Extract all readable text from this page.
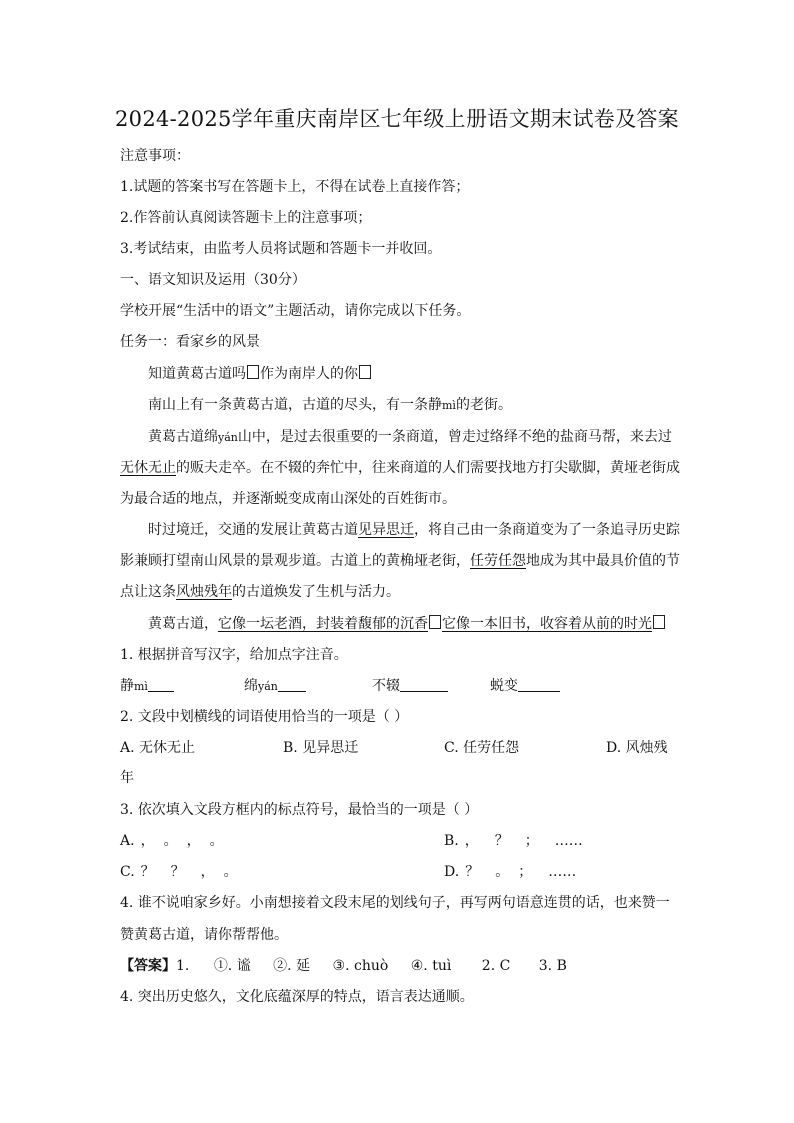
2024-2025学年重庆南岸区七年级上册语文期末试卷及答案
注意事项：
1.试题的答案书写在答题卡上，不得在试卷上直接作答；
2.作答前认真阅读答题卡上的注意事项；
3.考试结束，由监考人员将试题和答题卡一并收回。
一、语文知识及运用（30分）
学校开展“生活中的语文”主题活动，请你完成以下任务。
任务一：看家乡的风景
知道黄葛古道吗 作为南岸人的你
南山上有一条黄葛古道，古道的尽头，有一条静mì的老街。
黄葛古道绵yán山中，是过去很重要的一条商道，曾走过络绎不绝的盐商马帮，来去过
无休无止的贩夫走卒。在不辍的奔忙中，往来商道的人们需要找地方打尖歇脚，黄垭老街成
为最合适的地点，并逐渐蜕变成南山深处的百姓街市。
时过境迁，交通的发展让黄葛古道见异思迁，将自己由一条商道变为了一条追寻历史踪
影兼顾打望南山风景的景观步道。古道上的黄桷垭老街，任劳任怨地成为其中最具价值的节
点让这条风烛残年的古道焕发了生机与活力。
黄葛古道，它像一坛老酒，封装着馥郁的沉香 它像一本旧书，收容着从前的时光
1. 根据拼音写汉字，给加点字注音。
静mì	绵yán	不辍	蜕变
2. 文段中划横线的词语使用恰当的一项是（ ）
A. 无休无止	B. 见异思迁	C. 任劳任怨	D. 风烛残
年
3. 依次填入文段方框内的标点符号，最恰当的一项是（ ）
A. ， 。 ， 。	B. ， ？ ； ……
C. ？ ？ ， 。	D. ？ 。 ； ……
4. 谁不说咱家乡好。小南想接着文段末尾的划线句子，再写两句语意连贯的话，也来赞一
赞黄葛古道，请你帮帮他。
【答案】1. ①. 谧 ②. 延 ③. chuò ④. tuì 2. C 3. B
4. 突出历史悠久，文化底蕴深厚的特点，语言表达通顺。
